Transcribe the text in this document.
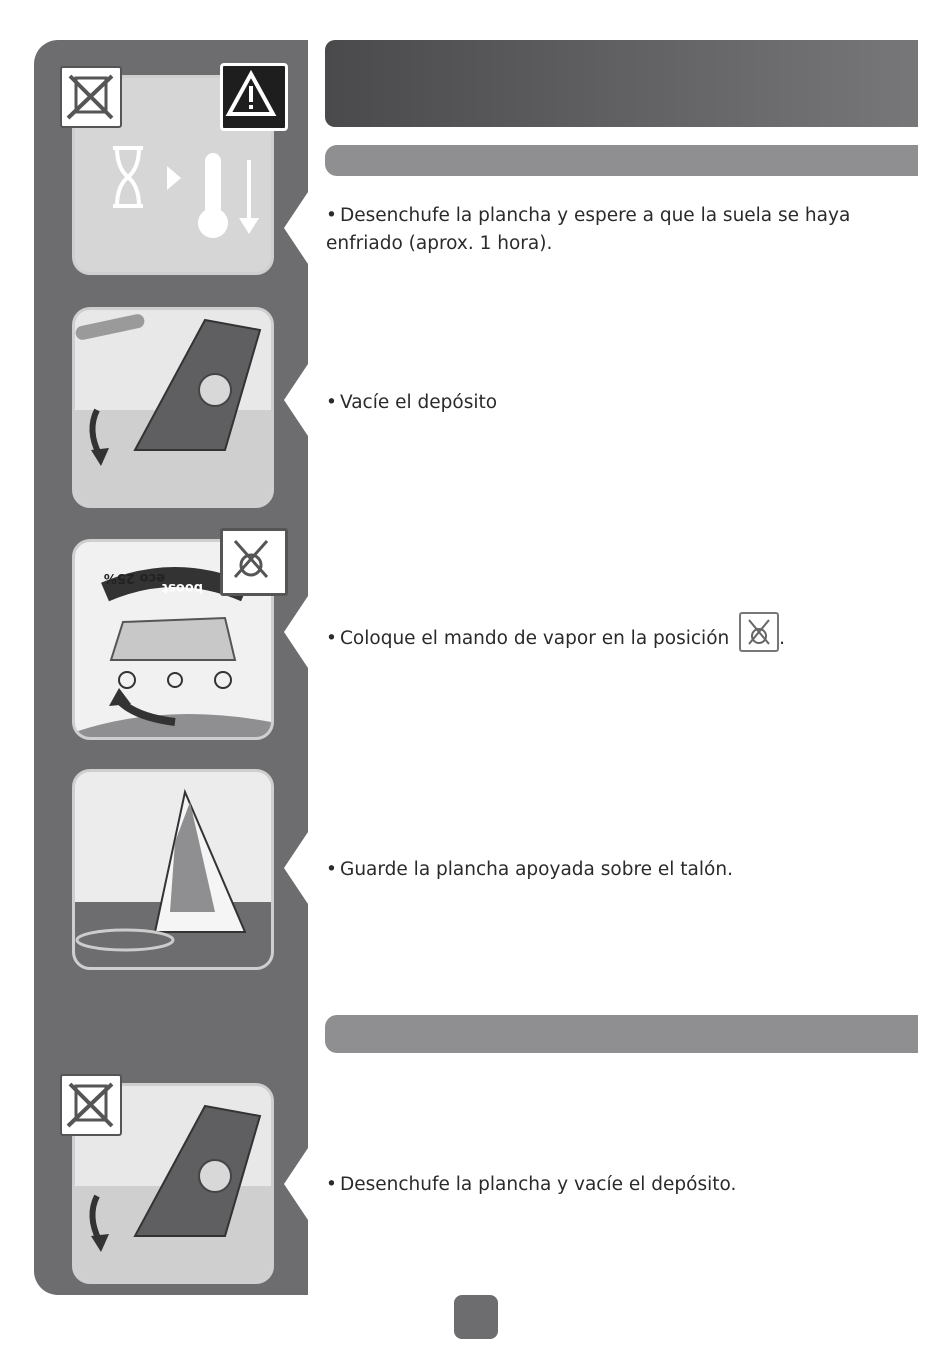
boost
eco 25%
• Desenchufe la plancha y espere a que la suela se haya enfriado (aprox. 1 hora).
• Vacíe el depósito
• Coloque el mando de vapor en la posición	.
• Guarde la plancha apoyada sobre el talón.
• Desenchufe la plancha y vacíe el depósito.
